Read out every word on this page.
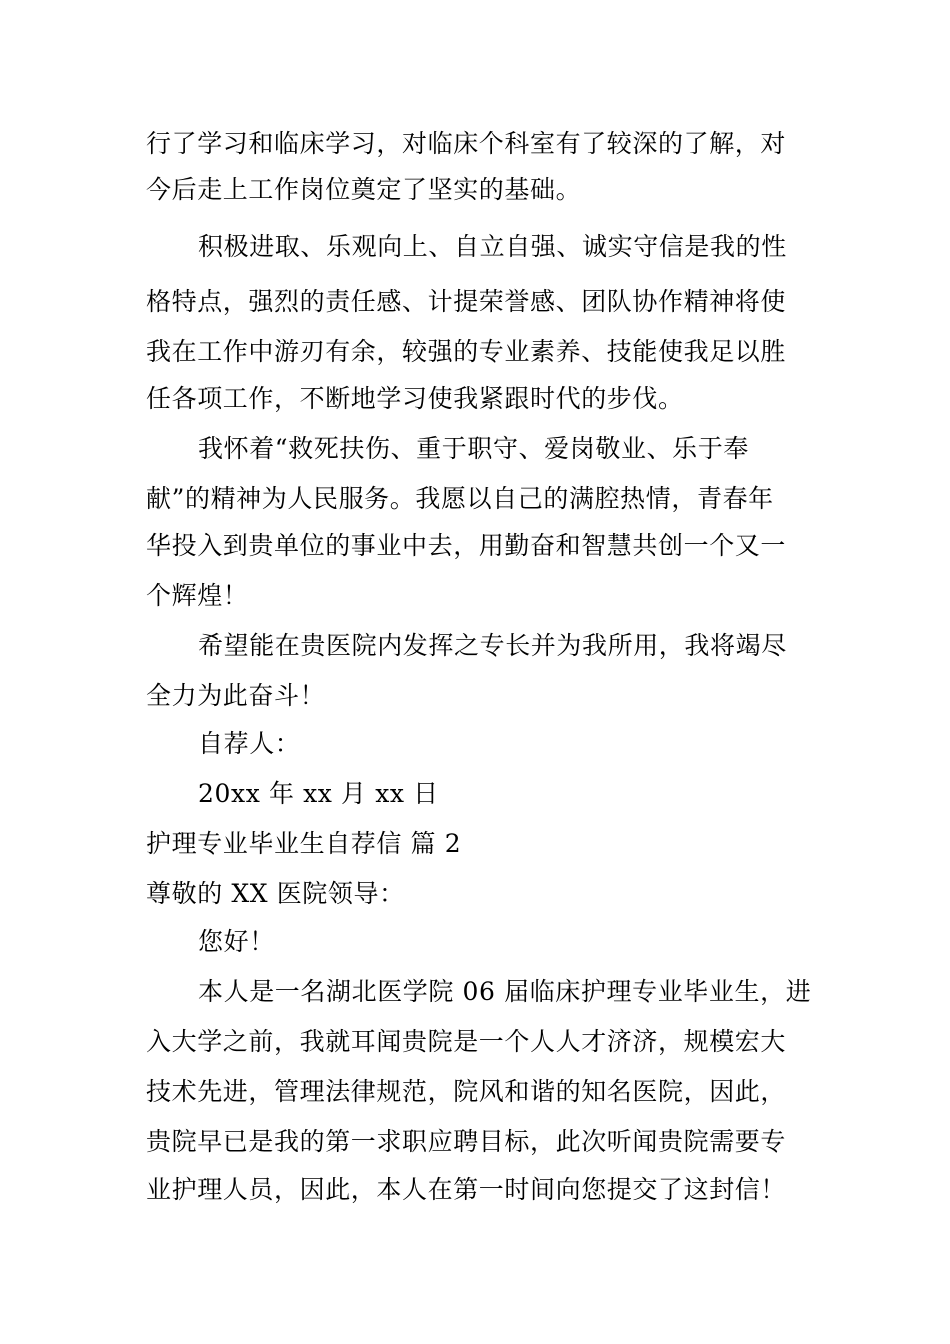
行了学习和临床学习，对临床个科室有了较深的了解，对
今后走上工作岗位奠定了坚实的基础。
积极进取、乐观向上、自立自强、诚实守信是我的性
格特点，强烈的责任感、计提荣誉感、团队协作精神将使
我在工作中游刃有余，较强的专业素养、技能使我足以胜
任各项工作，不断地学习使我紧跟时代的步伐。
我怀着“救死扶伤、重于职守、爱岗敬业、乐于奉
献”的精神为人民服务。我愿以自己的满腔热情，青春年
华投入到贵单位的事业中去，用勤奋和智慧共创一个又一
个辉煌！
希望能在贵医院内发挥之专长并为我所用，我将竭尽
全力为此奋斗！
自荐人：
20xx 年 xx 月 xx 日
护理专业毕业生自荐信 篇 2
尊敬的 XX 医院领导：
您好！
本人是一名湖北医学院 06 届临床护理专业毕业生，进
入大学之前，我就耳闻贵院是一个人人才济济，规模宏大
技术先进，管理法律规范，院风和谐的知名医院，因此，
贵院早已是我的第一求职应聘目标，此次听闻贵院需要专
业护理人员，因此，本人在第一时间向您提交了这封信！
